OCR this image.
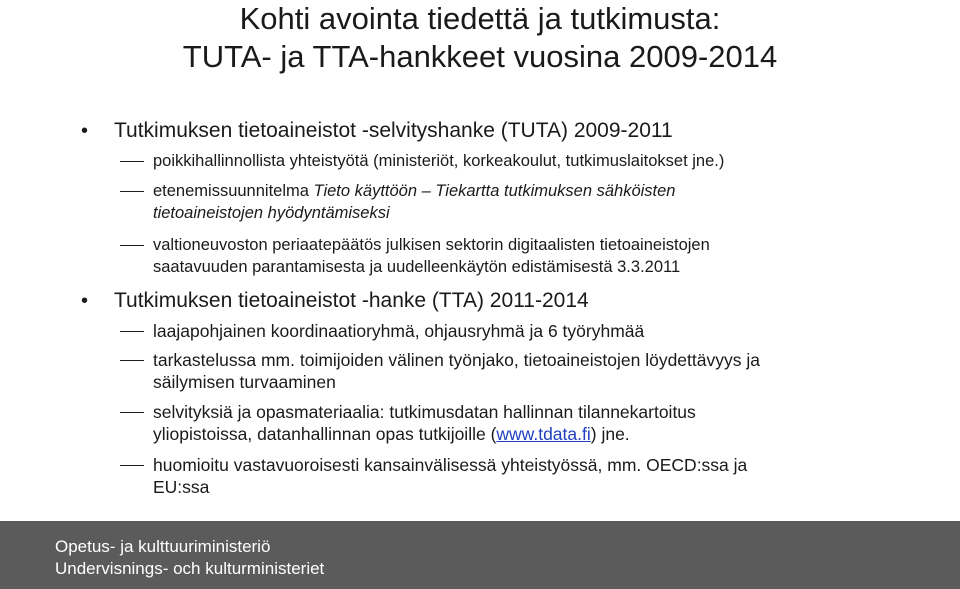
Kohti avointa tiedettä ja tutkimusta:
TUTA- ja TTA-hankkeet vuosina 2009-2014
• Tutkimuksen tietoaineistot -selvityshanke (TUTA) 2009-2011
poikkihallinnollista yhteistyötä (ministeriöt, korkeakoulut, tutkimuslaitokset jne.)
etenemissuunnitelma Tieto käyttöön – Tiekartta tutkimuksen sähköisten
tietoaineistojen hyödyntämiseksi
valtioneuvoston periaatepäätös julkisen sektorin digitaalisten tietoaineistojen
saatavuuden parantamisesta ja uudelleenkäytön edistämisestä 3.3.2011
• Tutkimuksen tietoaineistot -hanke (TTA) 2011-2014
laajapohjainen koordinaatioryhmä, ohjausryhmä ja 6 työryhmää
tarkastelussa mm. toimijoiden välinen työnjako, tietoaineistojen löydettävyys ja
säilymisen turvaaminen
selvityksiä ja opasmateriaalia: tutkimusdatan hallinnan tilannekartoitus
yliopistoissa, datanhallinnan opas tutkijoille (www.tdata.fi) jne.
huomioitu vastavuoroisesti kansainvälisessä yhteistyössä, mm. OECD:ssa ja
EU:ssa
Opetus- ja kulttuuriministeriö
Undervisnings- och kulturministeriet
